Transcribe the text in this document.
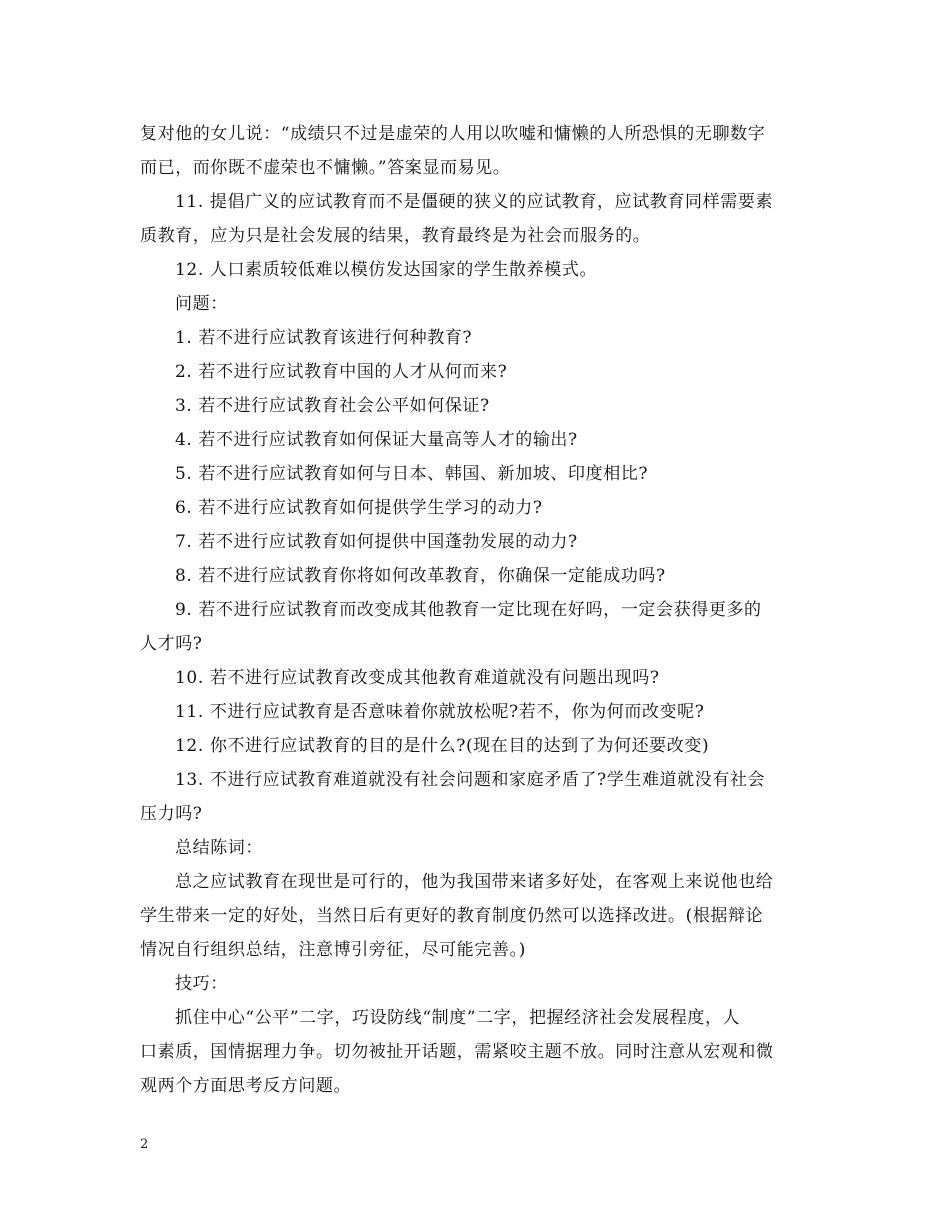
复对他的女儿说：“成绩只不过是虚荣的人用以吹嘘和慵懒的人所恐惧的无聊数字
而已，而你既不虚荣也不慵懒。”答案显而易见。
11. 提倡广义的应试教育而不是僵硬的狭义的应试教育，应试教育同样需要素
质教育，应为只是社会发展的结果，教育最终是为社会而服务的。
12. 人口素质较低难以模仿发达国家的学生散养模式。
问题：
1. 若不进行应试教育该进行何种教育?
2. 若不进行应试教育中国的人才从何而来?
3. 若不进行应试教育社会公平如何保证?
4. 若不进行应试教育如何保证大量高等人才的输出?
5. 若不进行应试教育如何与日本、韩国、新加坡、印度相比?
6. 若不进行应试教育如何提供学生学习的动力?
7. 若不进行应试教育如何提供中国蓬勃发展的动力?
8. 若不进行应试教育你将如何改革教育，你确保一定能成功吗?
9. 若不进行应试教育而改变成其他教育一定比现在好吗，一定会获得更多的
人才吗?
10. 若不进行应试教育改变成其他教育难道就没有问题出现吗?
11. 不进行应试教育是否意味着你就放松呢?若不，你为何而改变呢?
12. 你不进行应试教育的目的是什么?(现在目的达到了为何还要改变)
13. 不进行应试教育难道就没有社会问题和家庭矛盾了?学生难道就没有社会
压力吗?
总结陈词：
总之应试教育在现世是可行的，他为我国带来诸多好处，在客观上来说他也给
学生带来一定的好处，当然日后有更好的教育制度仍然可以选择改进。(根据辩论
情况自行组织总结，注意博引旁征，尽可能完善。)
技巧：
抓住中心“公平”二字，巧设防线“制度”二字，把握经济社会发展程度，人
口素质，国情据理力争。切勿被扯开话题，需紧咬主题不放。同时注意从宏观和微
观两个方面思考反方问题。
2
